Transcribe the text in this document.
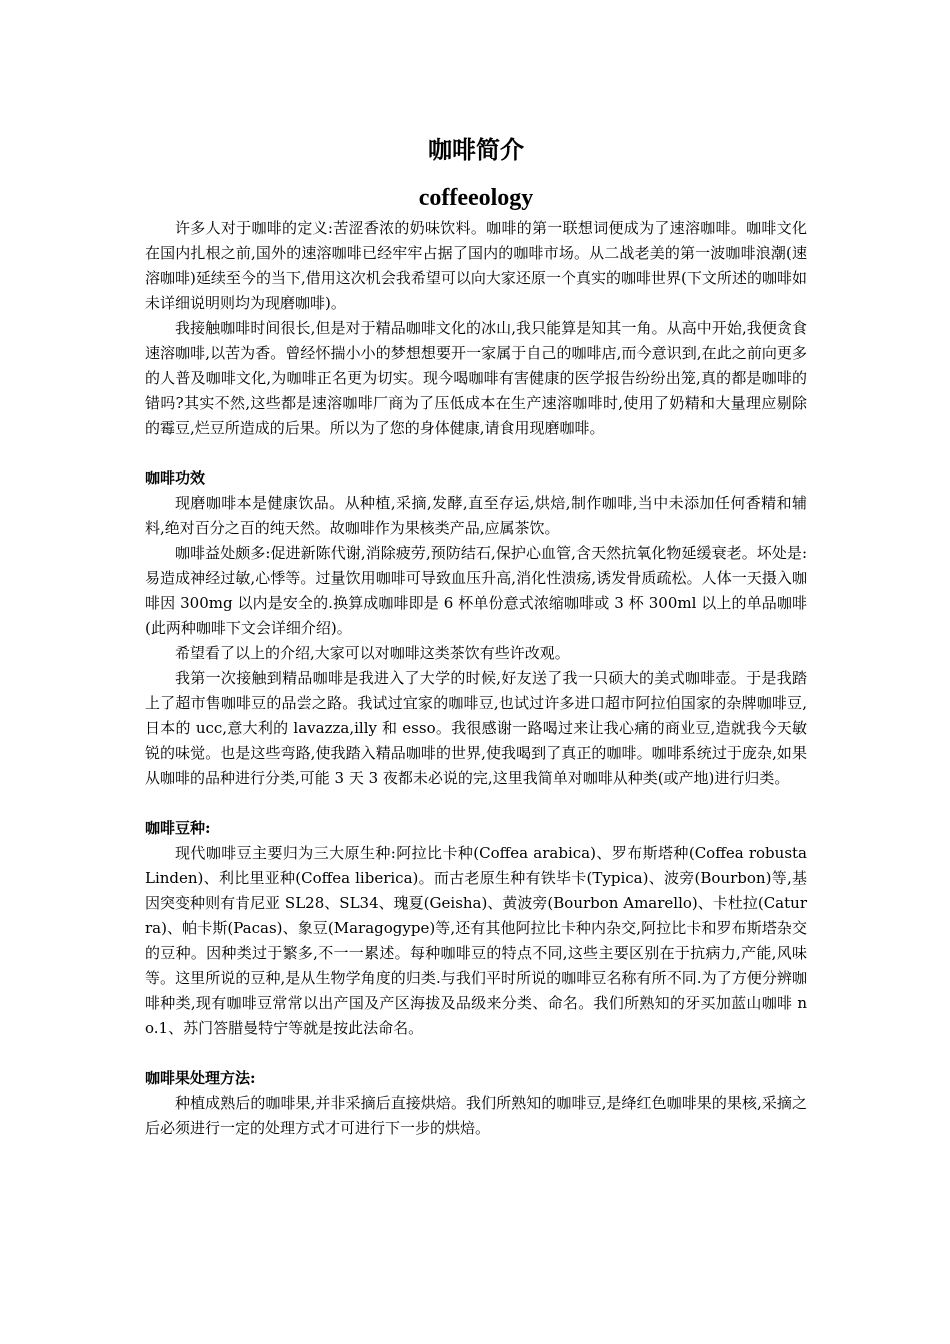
咖啡简介
coffeeology

许多人对于咖啡的定义:苦涩香浓的奶味饮料。咖啡的第一联想词便成为了速溶咖啡。咖啡文化在国内扎根之前,国外的速溶咖啡已经牢牢占据了国内的咖啡市场。从二战老美的第一波咖啡浪潮(速溶咖啡)延续至今的当下,借用这次机会我希望可以向大家还原一个真实的咖啡世界(下文所述的咖啡如未详细说明则均为现磨咖啡)。

我接触咖啡时间很长,但是对于精品咖啡文化的冰山,我只能算是知其一角。从高中开始,我便贪食速溶咖啡,以苦为香。曾经怀揣小小的梦想想要开一家属于自己的咖啡店,而今意识到,在此之前向更多的人普及咖啡文化,为咖啡正名更为切实。现今喝咖啡有害健康的医学报告纷纷出笼,真的都是咖啡的错吗?其实不然,这些都是速溶咖啡厂商为了压低成本在生产速溶咖啡时,使用了奶精和大量理应剔除的霉豆,烂豆所造成的后果。所以为了您的身体健康,请食用现磨咖啡。

咖啡功效

现磨咖啡本是健康饮品。从种植,采摘,发酵,直至存运,烘焙,制作咖啡,当中未添加任何香精和辅料,绝对百分之百的纯天然。故咖啡作为果核类产品,应属茶饮。

咖啡益处颇多:促进新陈代谢,消除疲劳,预防结石,保护心血管,含天然抗氧化物延缓衰老。坏处是:易造成神经过敏,心悸等。过量饮用咖啡可导致血压升高,消化性溃疡,诱发骨质疏松。人体一天摄入咖啡因 300mg 以内是安全的.换算成咖啡即是 6 杯单份意式浓缩咖啡或 3 杯 300ml 以上的单品咖啡(此两种咖啡下文会详细介绍)。

希望看了以上的介绍,大家可以对咖啡这类茶饮有些许改观。

我第一次接触到精品咖啡是我进入了大学的时候,好友送了我一只硕大的美式咖啡壶。于是我踏上了超市售咖啡豆的品尝之路。我试过宜家的咖啡豆,也试过许多进口超市阿拉伯国家的杂牌咖啡豆,日本的 ucc,意大利的 lavazza,illy 和 esso。我很感谢一路喝过来让我心痛的商业豆,造就我今天敏锐的味觉。也是这些弯路,使我踏入精品咖啡的世界,使我喝到了真正的咖啡。咖啡系统过于庞杂,如果从咖啡的品种进行分类,可能 3 天 3 夜都未必说的完,这里我简单对咖啡从种类(或产地)进行归类。

咖啡豆种:

现代咖啡豆主要归为三大原生种:阿拉比卡种(Coffea arabica)、罗布斯塔种(Coffea robusta Linden)、利比里亚种(Coffea liberica)。而古老原生种有铁毕卡(Typica)、波旁(Bourbon)等,基因突变种则有肯尼亚 SL28、SL34、瑰夏(Geisha)、黄波旁(Bourbon Amarello)、卡杜拉(Caturra)、帕卡斯(Pacas)、象豆(Maragogype)等,还有其他阿拉比卡种内杂交,阿拉比卡和罗布斯塔杂交的豆种。因种类过于繁多,不一一累述。每种咖啡豆的特点不同,这些主要区别在于抗病力,产能,风味等。这里所说的豆种,是从生物学角度的归类.与我们平时所说的咖啡豆名称有所不同.为了方便分辨咖啡种类,现有咖啡豆常常以出产国及产区海拔及品级来分类、命名。我们所熟知的牙买加蓝山咖啡 no.1、苏门答腊曼特宁等就是按此法命名。

咖啡果处理方法:

种植成熟后的咖啡果,并非采摘后直接烘焙。我们所熟知的咖啡豆,是绛红色咖啡果的果核,采摘之后必须进行一定的处理方式才可进行下一步的烘焙。
